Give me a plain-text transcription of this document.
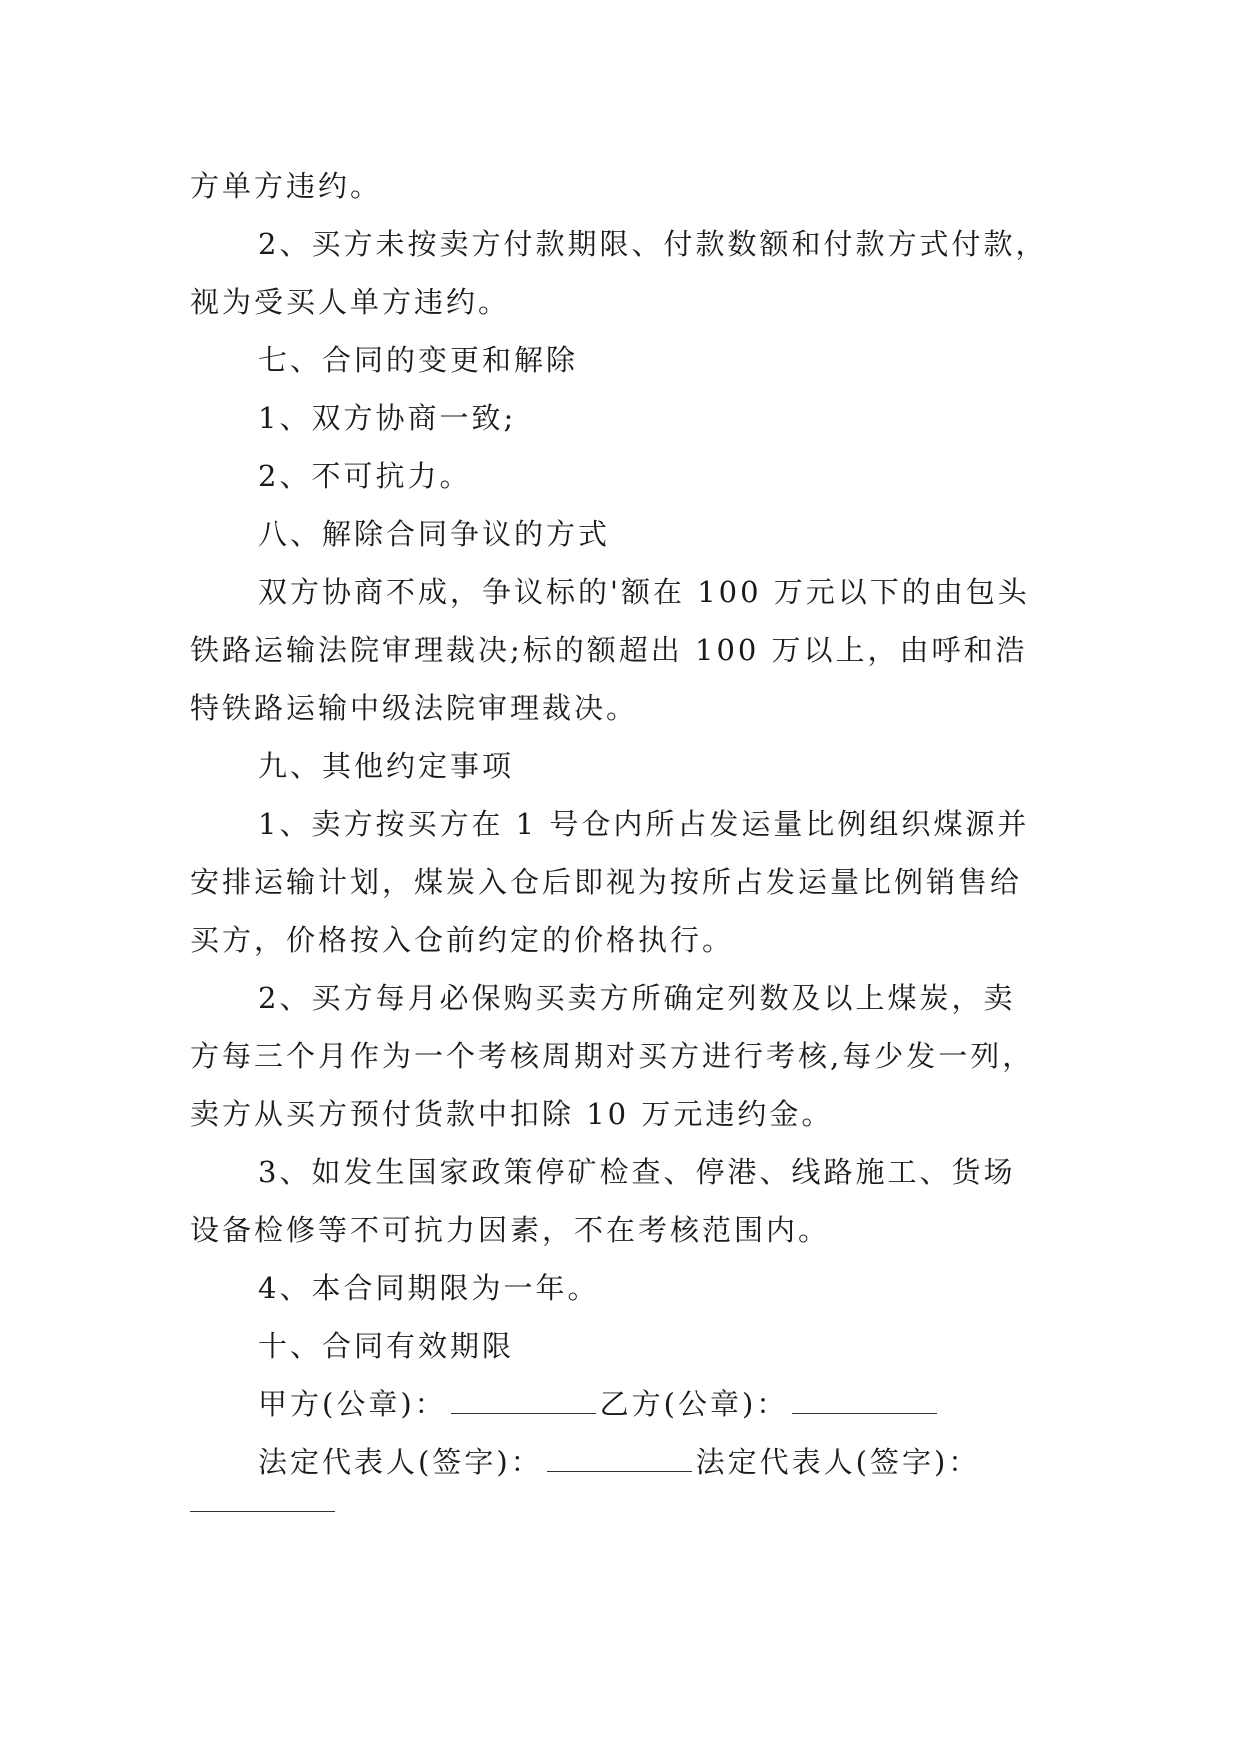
方单方违约。

2、买方未按卖方付款期限、付款数额和付款方式付款，

视为受买人单方违约。

七、合同的变更和解除

1、双方协商一致;

2、不可抗力。

八、解除合同争议的方式

双方协商不成，争议标的'额在 100 万元以下的由包头

铁路运输法院审理裁决;标的额超出 100 万以上，由呼和浩

特铁路运输中级法院审理裁决。

九、其他约定事项

1、卖方按买方在 1 号仓内所占发运量比例组织煤源并

安排运输计划，煤炭入仓后即视为按所占发运量比例销售给

买方，价格按入仓前约定的价格执行。

2、买方每月必保购买卖方所确定列数及以上煤炭，卖

方每三个月作为一个考核周期对买方进行考核,每少发一列，

卖方从买方预付货款中扣除 10 万元违约金。

3、如发生国家政策停矿检查、停港、线路施工、货场

设备检修等不可抗力因素，不在考核范围内。

4、本合同期限为一年。

十、合同有效期限

甲方(公章)：	乙方(公章)：

法定代表人(签字)：	法定代表人(签字)：
